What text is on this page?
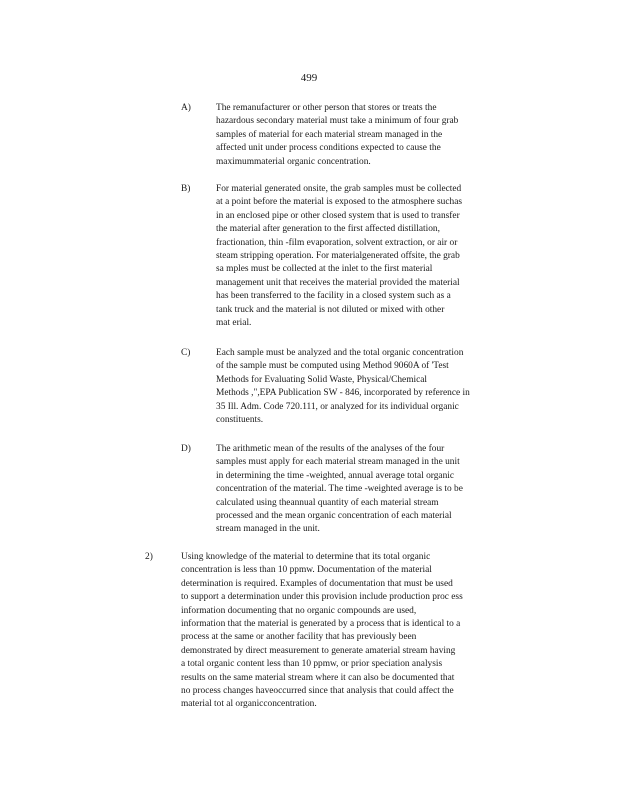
499
A)	The remanufacturer or other person that stores or treats the
hazardous secondary material must take a minimum of four grab
samples of material for each material stream managed in the
affected unit under process conditions expected to cause the
maximummaterial organic concentration.
B)	For material generated onsite, the grab samples must be collected
at a point before the material is exposed to the atmosphere suchas
in an enclosed pipe or other closed system that is used to transfer
the material after generation to the first affected distillation,
fractionation, thin -film evaporation, solvent extraction, or air or
steam stripping operation. For materialgenerated offsite, the grab
sa mples must be collected at the inlet to the first material
management unit that receives the material provided the material
has been transferred to the facility in a closed system such as a
tank truck and the material is not diluted or mixed with other
mat erial.
C)	Each sample must be analyzed and the total organic concentration
of the sample must be computed using Method 9060A of 'Test
Methods for Evaluating Solid Waste, Physical/Chemical
Methods ,",EPA Publication SW - 846, incorporated by reference in
35 Ill. Adm. Code 720.111, or analyzed for its individual organic
constituents.
D)	The arithmetic mean of the results of the analyses of the four
samples must apply for each material stream managed in the unit
in determining the time -weighted, annual average total organic
concentration of the material. The time -weighted average is to be
calculated using theannual quantity of each material stream
processed and the mean organic concentration of each material
stream managed in the unit.
2)	Using knowledge of the material to determine that its total organic
concentration is less than 10 ppmw. Documentation of the material
determination is required. Examples of documentation that must be used
to support a determination under this provision include production proc ess
information documenting that no organic compounds are used,
information that the material is generated by a process that is identical to a
process at the same or another facility that has previously been
demonstrated by direct measurement to generate amaterial stream having
a total organic content less than 10 ppmw, or prior speciation analysis
results on the same material stream where it can also be documented that
no process changes haveoccurred since that analysis that could affect the
material tot al organicconcentration.
